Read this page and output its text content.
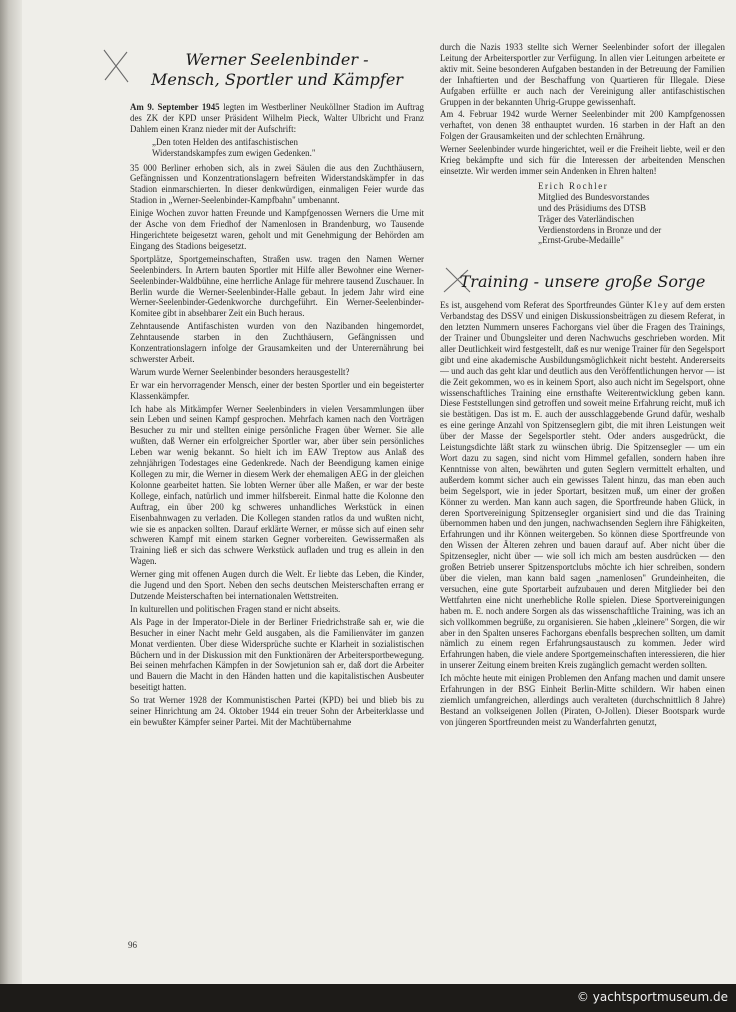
Werner Seelenbinder -
Mensch, Sportler und Kämpfer

Am 9. September 1945 legten im Westberliner Neuköllner Stadion im Auftrag des ZK der KPD unser Präsident Wilhelm Pieck, Walter Ulbricht und Franz Dahlem einen Kranz nieder mit der Aufschrift:

„Den toten Helden des antifaschistischen
Widerstandskampfes zum ewigen Gedenken."

35 000 Berliner erhoben sich, als in zwei Säulen die aus den Zuchthäusern, Gefängnissen und Konzentrationslagern befreiten Widerstandskämpfer in das Stadion einmarschierten. In dieser denkwürdigen, einmaligen Feier wurde das Stadion in „Werner-Seelenbinder-Kampfbahn" umbenannt.

Einige Wochen zuvor hatten Freunde und Kampfgenossen Werners die Urne mit der Asche von dem Friedhof der Namenlosen in Brandenburg, wo Tausende Hingerichtete beigesetzt waren, geholt und mit Genehmigung der Behörden am Eingang des Stadions beigesetzt.

Sportplätze, Sportgemeinschaften, Straßen usw. tragen den Namen Werner Seelenbinders. In Artern bauten Sportler mit Hilfe aller Bewohner eine Werner-Seelenbinder-Waldbühne, eine herrliche Anlage für mehrere tausend Zuschauer. In Berlin wurde die Werner-Seelenbinder-Halle gebaut. In jedem Jahr wird eine Werner-Seelenbinder-Gedenkworche durchgeführt. Ein Werner-Seelenbinder-Komitee gibt in absehbarer Zeit ein Buch heraus.

Zehntausende Antifaschisten wurden von den Nazibanden hingemordet, Zehntausende starben in den Zuchthäusern, Gefängnissen und Konzentrationslagern infolge der Grausamkeiten und der Unterernährung bei schwerster Arbeit.

Warum wurde Werner Seelenbinder besonders herausgestellt?

Er war ein hervorragender Mensch, einer der besten Sportler und ein begeisterter Klassenkämpfer.

Ich habe als Mitkämpfer Werner Seelenbinders in vielen Versammlungen über sein Leben und seinen Kampf gesprochen. Mehrfach kamen nach den Vorträgen Besucher zu mir und stellten einige persönliche Fragen über Werner. Sie alle wußten, daß Werner ein erfolgreicher Sportler war, aber über sein persönliches Leben war wenig bekannt. So hielt ich im EAW Treptow aus Anlaß des zehnjährigen Todestages eine Gedenkrede. Nach der Beendigung kamen einige Kollegen zu mir, die Werner in diesem Werk der ehemaligen AEG in der gleichen Kolonne gearbeitet hatten. Sie lobten Werner über alle Maßen, er war der beste Kollege, einfach, natürlich und immer hilfsbereit. Einmal hatte die Kolonne den Auftrag, ein über 200 kg schweres unhandliches Werkstück in einen Eisenbahnwagen zu verladen. Die Kollegen standen ratlos da und wußten nicht, wie sie es anpacken sollten. Darauf erklärte Werner, er müsse sich auf einen sehr schweren Kampf mit einem starken Gegner vorbereiten. Gewissermaßen als Training ließ er sich das schwere Werkstück aufladen und trug es allein in den Wagen.

Werner ging mit offenen Augen durch die Welt. Er liebte das Leben, die Kinder, die Jugend und den Sport. Neben den sechs deutschen Meisterschaften errang er Dutzende Meisterschaften bei internationalen Wettstreiten.

In kulturellen und politischen Fragen stand er nicht abseits.

Als Page in der Imperator-Diele in der Berliner Friedrichstraße sah er, wie die Besucher in einer Nacht mehr Geld ausgaben, als die Familienväter im ganzen Monat verdienten. Über diese Widersprüche suchte er Klarheit in sozialistischen Büchern und in der Diskussion mit den Funktionären der Arbeitersportbewegung. Bei seinen mehrfachen Kämpfen in der Sowjetunion sah er, daß dort die Arbeiter und Bauern die Macht in den Händen hatten und die kapitalistischen Ausbeuter beseitigt hatten.

So trat Werner 1928 der Kommunistischen Partei (KPD) bei und blieb bis zu seiner Hinrichtung am 24. Oktober 1944 ein treuer Sohn der Arbeiterklasse und ein bewußter Kämpfer seiner Partei. Mit der Machtübernahme

durch die Nazis 1933 stellte sich Werner Seelenbinder sofort der illegalen Leitung der Arbeitersportler zur Verfügung. In allen vier Leitungen arbeitete er aktiv mit. Seine besonderen Aufgaben bestanden in der Betreuung der Familien der Inhaftierten und der Beschaffung von Quartieren für Illegale. Diese Aufgaben erfüllte er auch nach der Vereinigung aller antifaschistischen Gruppen in der bekannten Uhrig-Gruppe gewissenhaft.

Am 4. Februar 1942 wurde Werner Seelenbinder mit 200 Kampfgenossen verhaftet, von denen 38 enthauptet wurden. 16 starben in der Haft an den Folgen der Grausamkeiten und der schlechten Ernährung.

Werner Seelenbinder wurde hingerichtet, weil er die Freiheit liebte, weil er den Krieg bekämpfte und sich für die Interessen der arbeitenden Menschen einsetzte. Wir werden immer sein Andenken in Ehren halten!

Erich Rochler
Mitglied des Bundesvorstandes
und des Präsidiums des DTSB
Träger des Vaterländischen
Verdienstordens in Bronze und der
„Ernst-Grube-Medaille"
Training - unsere große Sorge

Es ist, ausgehend vom Referat des Sportfreundes Günter Kley auf dem ersten Verbandstag des DSSV und einigen Diskussionsbeiträgen zu diesem Referat, in den letzten Nummern unseres Fachorgans viel über die Fragen des Trainings, der Trainer und Übungsleiter und deren Nachwuchs geschrieben worden. Mit aller Deutlichkeit wird festgestellt, daß es nur wenige Trainer für den Segelsport gibt und eine akademische Ausbildungsmöglichkeit nicht besteht. Andererseits — und auch das geht klar und deutlich aus den Veröffentlichungen hervor — ist die Zeit gekommen, wo es in keinem Sport, also auch nicht im Segelsport, ohne wissenschaftliches Training eine ernsthafte Weiterentwicklung geben kann. Diese Feststellungen sind getroffen und soweit meine Erfahrung reicht, muß ich sie bestätigen. Das ist m. E. auch der ausschlaggebende Grund dafür, weshalb es eine geringe Anzahl von Spitzenseglern gibt, die mit ihren Leistungen weit über der Masse der Segelsportler steht. Oder anders ausgedrückt, die Leistungsdichte läßt stark zu wünschen übrig. Die Spitzensegler — um ein Wort dazu zu sagen, sind nicht vom Himmel gefallen, sondern haben ihre Kenntnisse von alten, bewährten und guten Seglern vermittelt erhalten, und außerdem kommt sicher auch ein gewisses Talent hinzu, das man eben auch beim Segelsport, wie in jeder Sportart, besitzen muß, um einer der großen Könner zu werden. Man kann auch sagen, die Sportfreunde haben Glück, in deren Sportvereinigung Spitzensegler organisiert sind und die das Training übernommen haben und den jungen, nachwachsenden Seglern ihre Fähigkeiten, Erfahrungen und ihr Können weitergeben. So können diese Sportfreunde von den Wissen der Älteren zehren und bauen darauf auf. Aber nicht über die Spitzensegler, nicht über — wie soll ich mich am besten ausdrücken — den großen Betrieb unserer Spitzensportclubs möchte ich hier schreiben, sondern über die vielen, man kann bald sagen „namenlosen" Grundeinheiten, die versuchen, eine gute Sportarbeit aufzubauen und deren Mitglieder bei den Wettfahrten eine nicht unerhebliche Rolle spielen. Diese Sportvereinigungen haben m. E. noch andere Sorgen als das wissenschaftliche Training, was ich an sich vollkommen begrüße, zu organisieren. Sie haben „kleinere" Sorgen, die wir aber in den Spalten unseres Fachorgans ebenfalls besprechen sollten, um damit nämlich zu einem regen Erfahrungsaustausch zu kommen. Jeder wird Erfahrungen haben, die viele andere Sportgemeinschaften interessieren, die hier in unserer Zeitung einem breiten Kreis zugänglich gemacht werden sollten.

Ich möchte heute mit einigen Problemen den Anfang machen und damit unsere Erfahrungen in der BSG Einheit Berlin-Mitte schildern. Wir haben einen ziemlich umfangreichen, allerdings auch veralteten (durchschnittlich 8 Jahre) Bestand an volkseigenen Jollen (Piraten, O-Jollen). Dieser Bootspark wurde von jüngeren Sportfreunden meist zu Wanderfahrten genutzt,

96
© yachtsportmuseum.de
